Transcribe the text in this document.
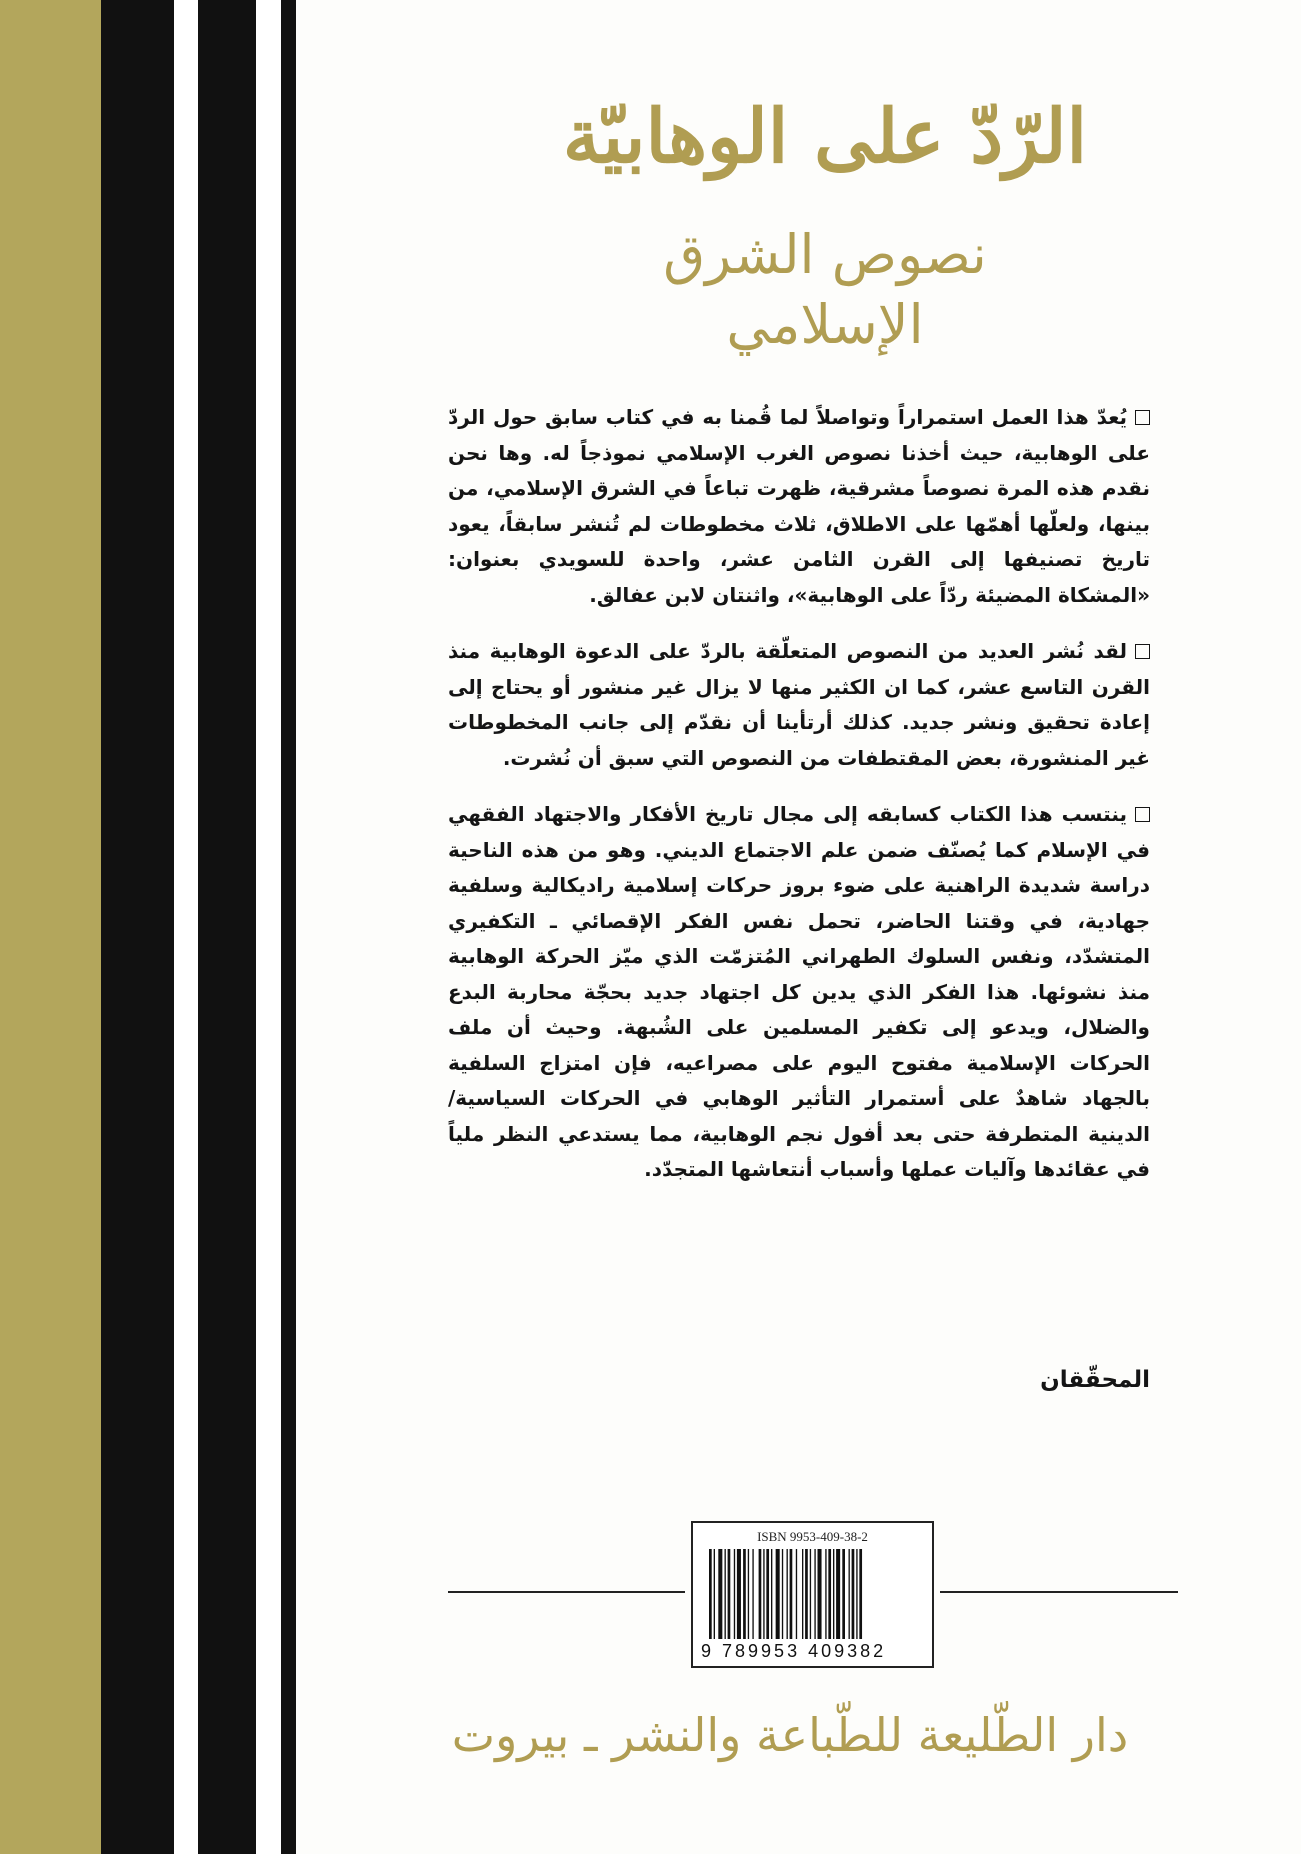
الرّدّ على الوهابيّة
نصوص الشرق الإسلامي

يُعدّ هذا العمل استمراراً وتواصلاً لما قُمنا به في كتاب سابق حول الردّ على الوهابية، حيث أخذنا نصوص الغرب الإسلامي نموذجاً له. وها نحن نقدم هذه المرة نصوصاً مشرقية، ظهرت تباعاً في الشرق الإسلامي، من بينها، ولعلّها أهمّها على الاطلاق، ثلاث مخطوطات لم تُنشر سابقاً، يعود تاريخ تصنيفها إلى القرن الثامن عشر، واحدة للسويدي بعنوان: «المشكاة المضيئة ردّاً على الوهابية»، واثنتان لابن عفالق.

لقد نُشر العديد من النصوص المتعلّقة بالردّ على الدعوة الوهابية منذ القرن التاسع عشر، كما ان الكثير منها لا يزال غير منشور أو يحتاج إلى إعادة تحقيق ونشر جديد. كذلك أرتأينا أن نقدّم إلى جانب المخطوطات غير المنشورة، بعض المقتطفات من النصوص التي سبق أن نُشرت.

ينتسب هذا الكتاب كسابقه إلى مجال تاريخ الأفكار والاجتهاد الفقهي في الإسلام كما يُصنّف ضمن علم الاجتماع الديني. وهو من هذه الناحية دراسة شديدة الراهنية على ضوء بروز حركات إسلامية راديكالية وسلفية جهادية، في وقتنا الحاضر، تحمل نفس الفكر الإقصائي ـ التكفيري المتشدّد، ونفس السلوك الطهراني المُتزمّت الذي ميّز الحركة الوهابية منذ نشوئها. هذا الفكر الذي يدين كل اجتهاد جديد بحجّة محاربة البدع والضلال، ويدعو إلى تكفير المسلمين على الشُبهة. وحيث أن ملف الحركات الإسلامية مفتوح اليوم على مصراعيه، فإن امتزاج السلفية بالجهاد شاهدٌ على أستمرار التأثير الوهابي في الحركات السياسية/ الدينية المتطرفة حتى بعد أفول نجم الوهابية، مما يستدعي النظر ملياً في عقائدها وآليات عملها وأسباب أنتعاشها المتجدّد.

المحقّقان
ISBN 9953-409-38-2
9 789953 409382
دار الطّليعة للطّباعة والنشر ـ بيروت
